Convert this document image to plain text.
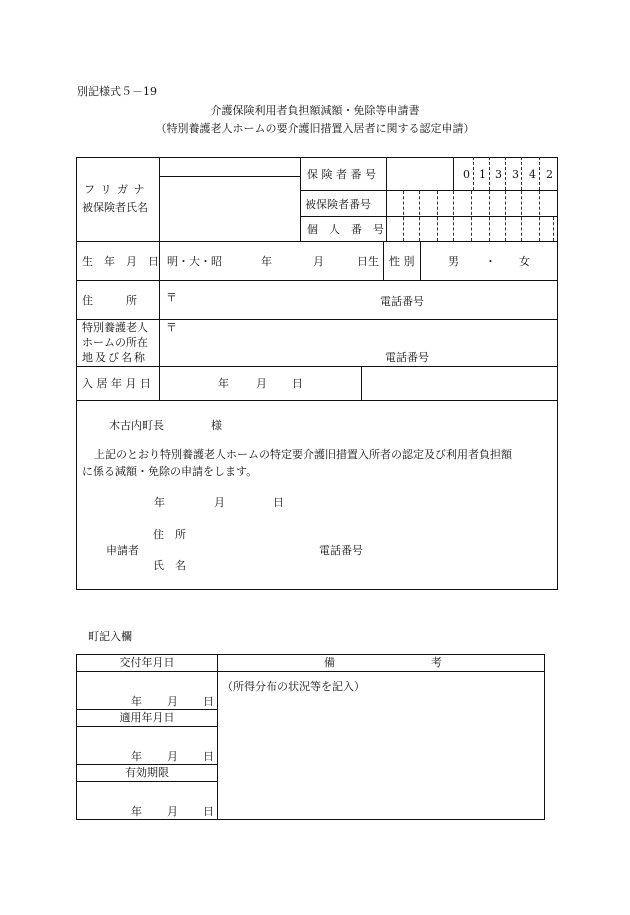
別記様式５－19
介護保険利用者負担額減額・免除等申請書
（特別養護老人ホームの要介護旧措置入居者に関する認定申請）
フ リ ガ ナ
被保険者氏名
保 険 者 番 号	0 1 3 3 4 2
被保険者番号
個　人　番　号
生　年　月　日 明・大・昭	年	月	日生 性 別	男 ・ 女
住　　　所	〒	電話番号
特別養護老人
ホームの所在
地及び名称
〒
電話番号
入 居 年 月 日	年 月 日
木古内町長	様
上記のとおり特別養護老人ホームの特定要介護旧措置入所者の認定及び利用者負担額
に係る減額・免除の申請をします。
年	月	日
住　所
申請者	電話番号
氏　名
町記入欄
交付年月日	備	考
（所得分布の状況等を記入）
年 月 日
適用年月日
年 月 日
有効期限
年 月 日
